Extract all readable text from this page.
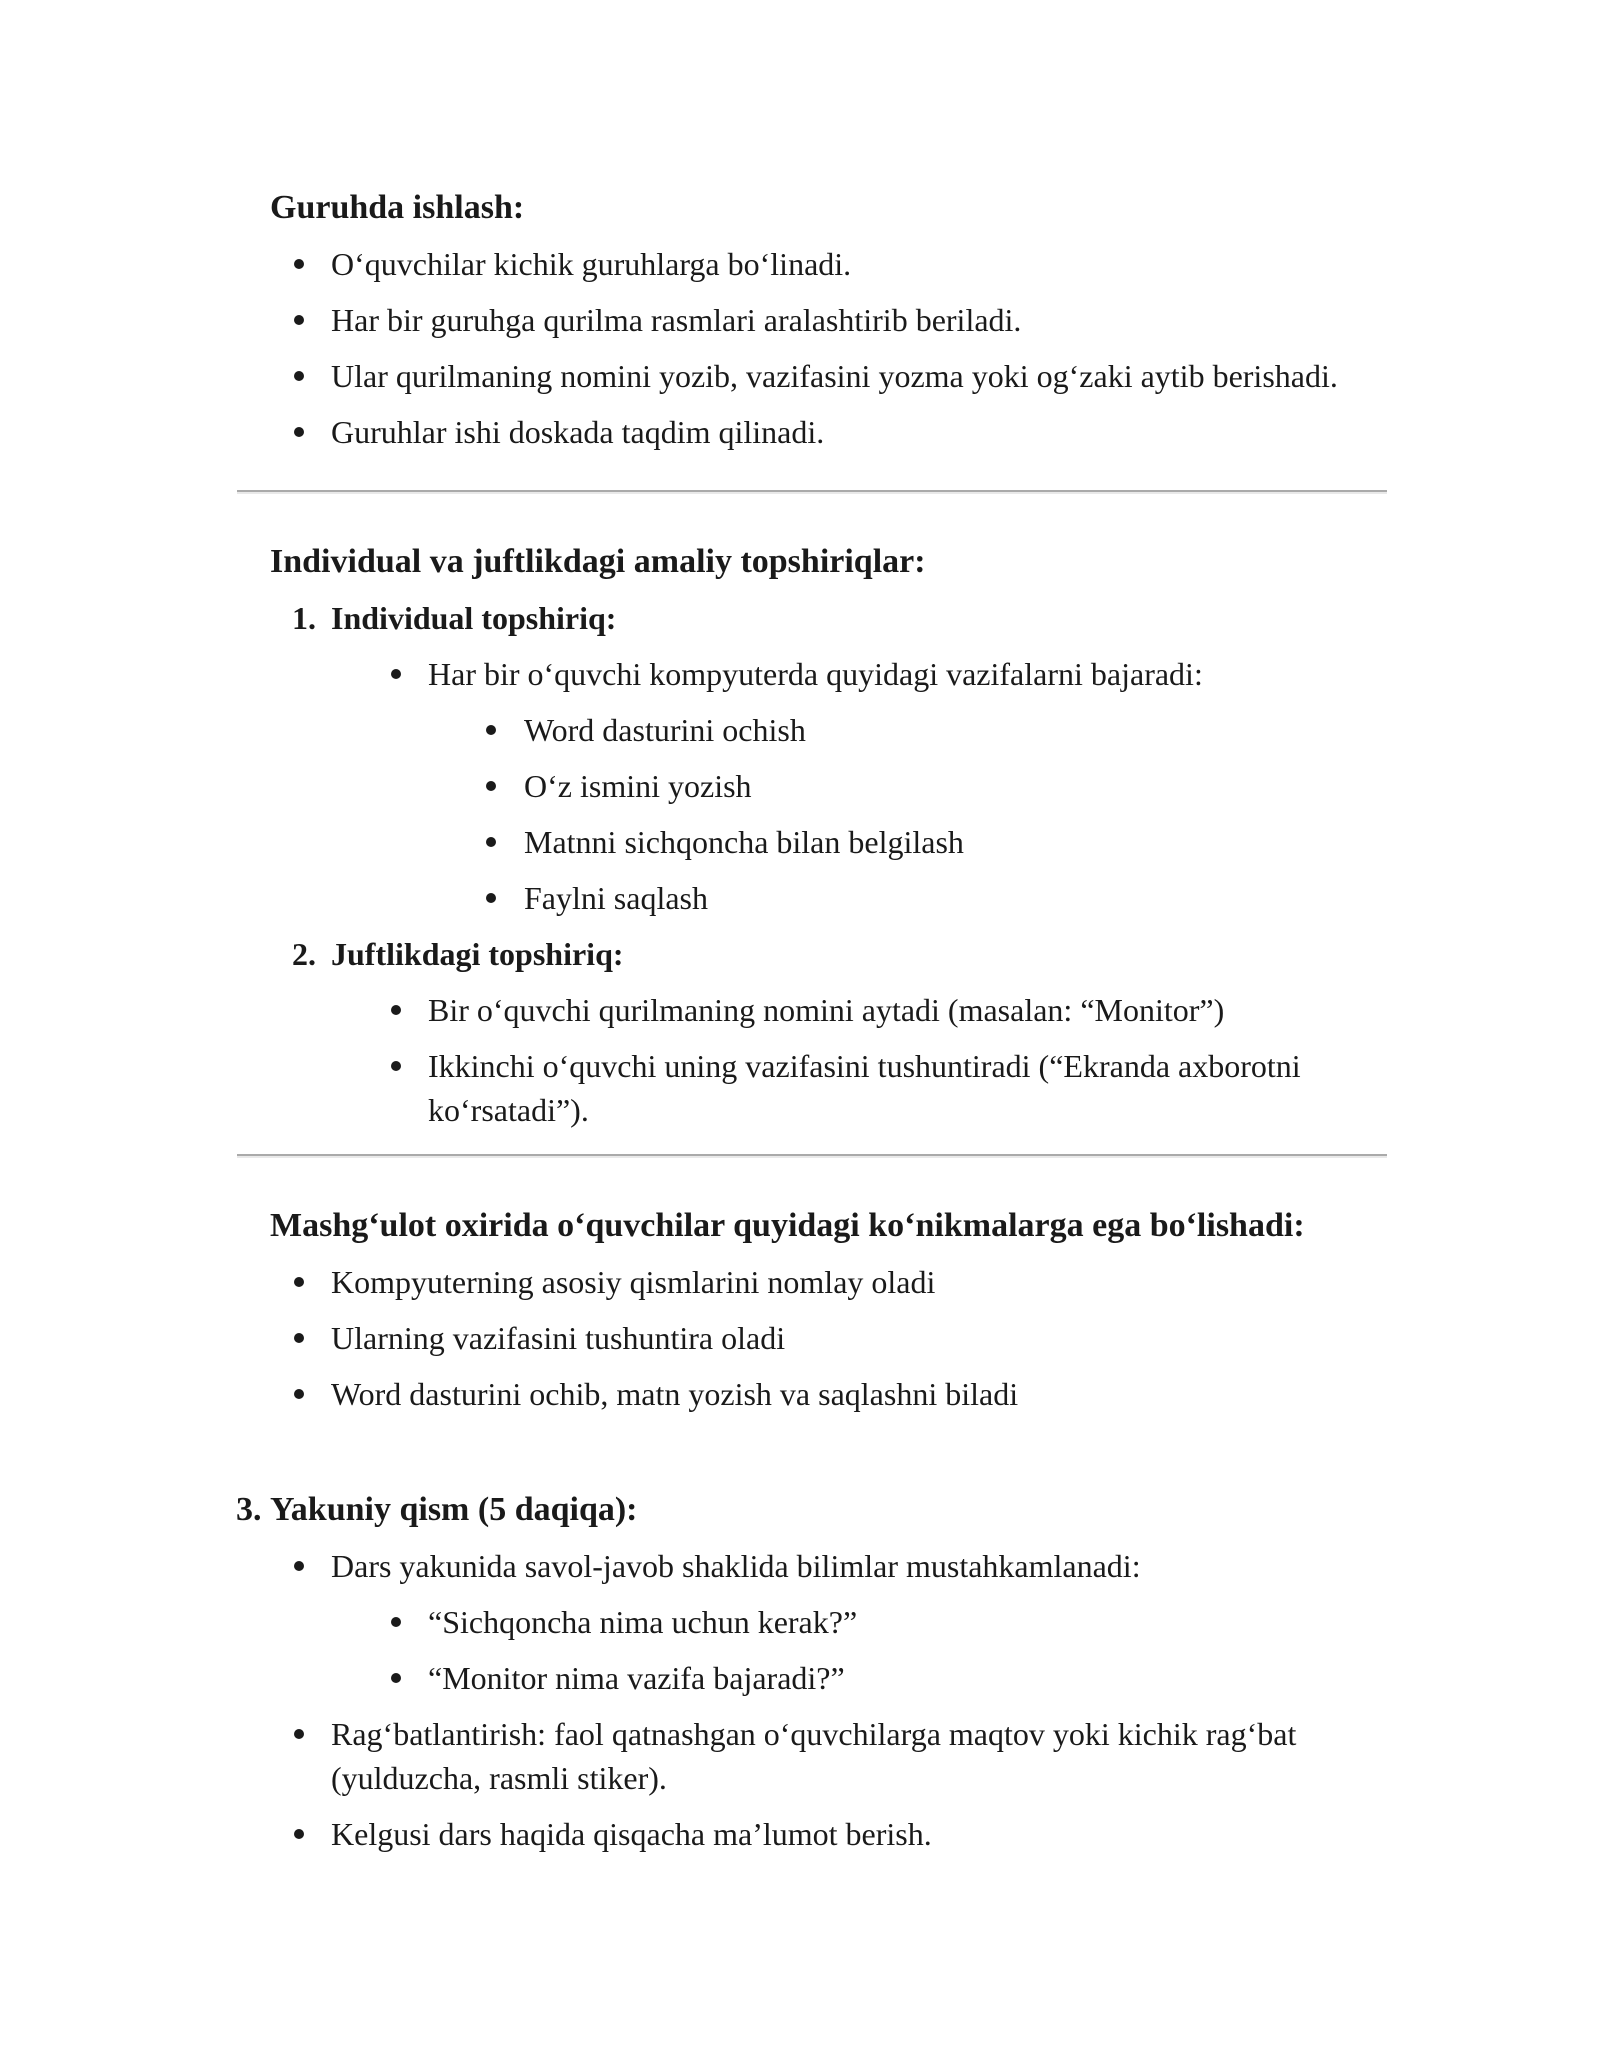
Guruhda ishlash:
O‘quvchilar kichik guruhlarga bo‘linadi.
Har bir guruhga qurilma rasmlari aralashtirib beriladi.
Ular qurilmaning nomini yozib, vazifasini yozma yoki og‘zaki aytib berishadi.
Guruhlar ishi doskada taqdim qilinadi.
Individual va juftlikdagi amaliy topshiriqlar:
1. Individual topshiriq:
Har bir o‘quvchi kompyuterda quyidagi vazifalarni bajaradi:
Word dasturini ochish
O‘z ismini yozish
Matnni sichqoncha bilan belgilash
Faylni saqlash
2. Juftlikdagi topshiriq:
Bir o‘quvchi qurilmaning nomini aytadi (masalan: “Monitor”)
Ikkinchi o‘quvchi uning vazifasini tushuntiradi (“Ekranda axborotni
ko‘rsatadi”).
Mashg‘ulot oxirida o‘quvchilar quyidagi ko‘nikmalarga ega bo‘lishadi:
Kompyuterning asosiy qismlarini nomlay oladi
Ularning vazifasini tushuntira oladi
Word dasturini ochib, matn yozish va saqlashni biladi
3. Yakuniy qism (5 daqiqa):
Dars yakunida savol-javob shaklida bilimlar mustahkamlanadi:
“Sichqoncha nima uchun kerak?”
“Monitor nima vazifa bajaradi?”
Rag‘batlantirish: faol qatnashgan o‘quvchilarga maqtov yoki kichik rag‘bat
(yulduzcha, rasmli stiker).
Kelgusi dars haqida qisqacha ma’lumot berish.
